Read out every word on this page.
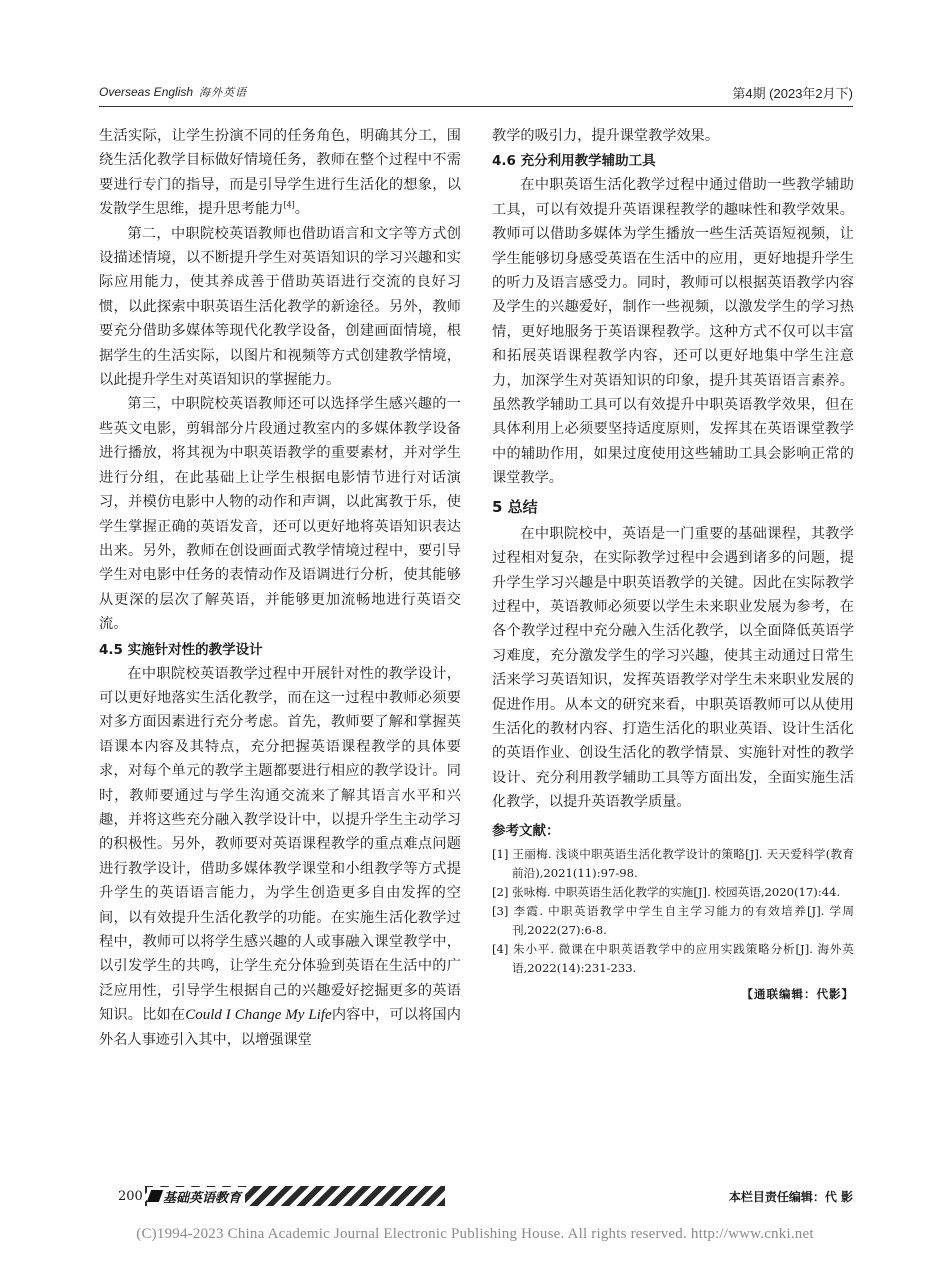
Overseas English 海外英语	第4期 (2023年2月下)

生活实际，让学生扮演不同的任务角色，明确其分工，围绕生活化教学目标做好情境任务，教师在整个过程中不需要进行专门的指导，而是引导学生进行生活化的想象，以发散学生思维，提升思考能力[4]。

第二，中职院校英语教师也借助语言和文字等方式创设描述情境，以不断提升学生对英语知识的学习兴趣和实际应用能力，使其养成善于借助英语进行交流的良好习惯，以此探索中职英语生活化教学的新途径。另外，教师要充分借助多媒体等现代化教学设备，创建画面情境，根据学生的生活实际，以图片和视频等方式创建教学情境，以此提升学生对英语知识的掌握能力。

第三，中职院校英语教师还可以选择学生感兴趣的一些英文电影，剪辑部分片段通过教室内的多媒体教学设备进行播放，将其视为中职英语教学的重要素材，并对学生进行分组，在此基础上让学生根据电影情节进行对话演习，并模仿电影中人物的动作和声调，以此寓教于乐，使学生掌握正确的英语发音，还可以更好地将英语知识表达出来。另外，教师在创设画面式教学情境过程中，要引导学生对电影中任务的表情动作及语调进行分析，使其能够从更深的层次了解英语，并能够更加流畅地进行英语交流。

4.5 实施针对性的教学设计

在中职院校英语教学过程中开展针对性的教学设计，可以更好地落实生活化教学，而在这一过程中教师必须要对多方面因素进行充分考虑。首先，教师要了解和掌握英语课本内容及其特点，充分把握英语课程教学的具体要求，对每个单元的教学主题都要进行相应的教学设计。同时，教师要通过与学生沟通交流来了解其语言水平和兴趣，并将这些充分融入教学设计中，以提升学生主动学习的积极性。另外，教师要对英语课程教学的重点难点问题进行教学设计，借助多媒体教学课堂和小组教学等方式提升学生的英语语言能力，为学生创造更多自由发挥的空间，以有效提升生活化教学的功能。在实施生活化教学过程中，教师可以将学生感兴趣的人或事融入课堂教学中，以引发学生的共鸣，让学生充分体验到英语在生活中的广泛应用性，引导学生根据自己的兴趣爱好挖掘更多的英语知识。比如在Could I Change My Life内容中，可以将国内外名人事迹引入其中，以增强课堂

教学的吸引力，提升课堂教学效果。

4.6 充分利用教学辅助工具

在中职英语生活化教学过程中通过借助一些教学辅助工具，可以有效提升英语课程教学的趣味性和教学效果。教师可以借助多媒体为学生播放一些生活英语短视频，让学生能够切身感受英语在生活中的应用，更好地提升学生的听力及语言感受力。同时，教师可以根据英语教学内容及学生的兴趣爱好，制作一些视频，以激发学生的学习热情，更好地服务于英语课程教学。这种方式不仅可以丰富和拓展英语课程教学内容，还可以更好地集中学生注意力，加深学生对英语知识的印象，提升其英语语言素养。虽然教学辅助工具可以有效提升中职英语教学效果，但在具体利用上必须要坚持适度原则，发挥其在英语课堂教学中的辅助作用，如果过度使用这些辅助工具会影响正常的课堂教学。

5 总结

在中职院校中，英语是一门重要的基础课程，其教学过程相对复杂，在实际教学过程中会遇到诸多的问题，提升学生学习兴趣是中职英语教学的关键。因此在实际教学过程中，英语教师必须要以学生未来职业发展为参考，在各个教学过程中充分融入生活化教学，以全面降低英语学习难度，充分激发学生的学习兴趣，使其主动通过日常生活来学习英语知识，发挥英语教学对学生未来职业发展的促进作用。从本文的研究来看，中职英语教师可以从使用生活化的教材内容、打造生活化的职业英语、设计生活化的英语作业、创设生活化的教学情景、实施针对性的教学设计、充分利用教学辅助工具等方面出发，全面实施生活化教学，以提升英语教学质量。

参考文献：
[1] 王丽梅. 浅谈中职英语生活化教学设计的策略[J]. 天天爱科学(教育前沿),2021(11):97-98.
[2] 张咏梅. 中职英语生活化教学的实施[J]. 校园英语,2020(17):44.
[3] 李霞. 中职英语教学中学生自主学习能力的有效培养[J]. 学周刊,2022(27):6-8.
[4] 朱小平. 微课在中职英语教学中的应用实践策略分析[J]. 海外英语,2022(14):231-233.
【通联编辑：代影】
200	基础英语教育	本栏目责任编辑：代 影
(C)1994-2023 China Academic Journal Electronic Publishing House. All rights reserved. http://www.cnki.net
